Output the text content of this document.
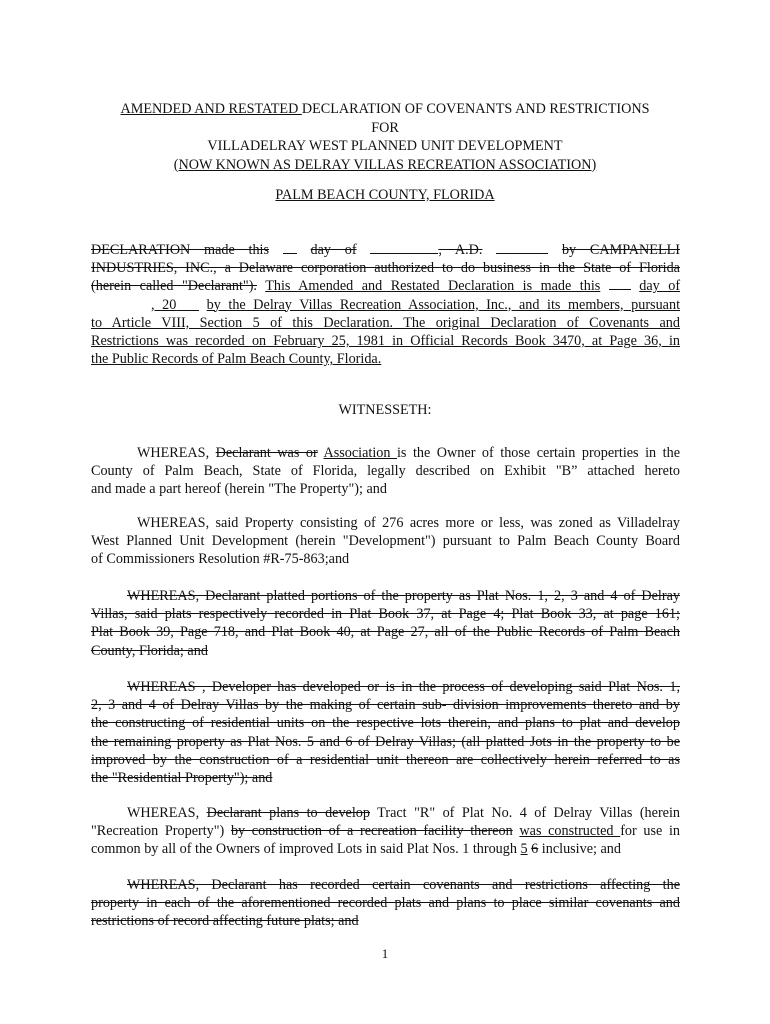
AMENDED AND RESTATED DECLARATION OF COVENANTS AND RESTRICTIONS
FOR
VILLADELRAY WEST PLANNED UNIT DEVELOPMENT
(NOW KNOWN AS DELRAY VILLAS RECREATION ASSOCIATION)
PALM BEACH COUNTY, FLORIDA
DECLARATION made this	day of	, A.D.	by CAMPANELLI
INDUSTRIES, INC., a Delaware corporation authorized to do business in the State of Florida
(herein called "Declarant"). This Amended and Restated Declaration is made this	day of
, 20 by the Delray Villas Recreation Association, Inc., and its members, pursuant
to Article VIII, Section 5 of this Declaration. The original Declaration of Covenants and
Restrictions was recorded on February 25, 1981 in Official Records Book 3470, at Page 36, in
the Public Records of Palm Beach County, Florida.
WITNESSETH:
WHEREAS, Declarant was or Association is the Owner of those certain properties in the
County of Palm Beach, State of Florida, legally described on Exhibit "B” attached hereto
and made a part hereof (herein "The Property"); and
WHEREAS, said Property consisting of 276 acres more or less, was zoned as Villadelray
West Planned Unit Development (herein "Development") pursuant to Palm Beach County Board
of Commissioners Resolution #R-75-863;and
WHEREAS, Declarant platted portions of the property as Plat Nos. 1, 2, 3 and 4 of Delray
Villas, said plats respectively recorded in Plat Book 37, at Page 4; Plat Book 33, at page 161;
Plat Book 39, Page 718, and Plat Book 40, at Page 27, all of the Public Records of Palm Beach
County, Florida; and
WHEREAS , Developer has developed or is in the process of developing said Plat Nos. 1,
2, 3 and 4 of Delray Villas by the making of certain sub- division improvements thereto and by
the constructing of residential units on the respective lots therein, and plans to plat and develop
the remaining property as Plat Nos. 5 and 6 of Delray Villas; (all platted Jots in the property to be
improved by the construction of a residential unit thereon are collectively herein referred to as
the "Residential Property"); and
WHEREAS, Declarant plans to develop Tract "R" of Plat No. 4 of Delray Villas (herein
"Recreation Property") by construction of a recreation facility thereon was constructed for use in
common by all of the Owners of improved Lots in said Plat Nos. 1 through 5 6 inclusive; and
WHEREAS, Declarant has recorded certain covenants and restrictions affecting the
property in each of the aforementioned recorded plats and plans to place similar covenants and
restrictions of record affecting future plats; and
1
